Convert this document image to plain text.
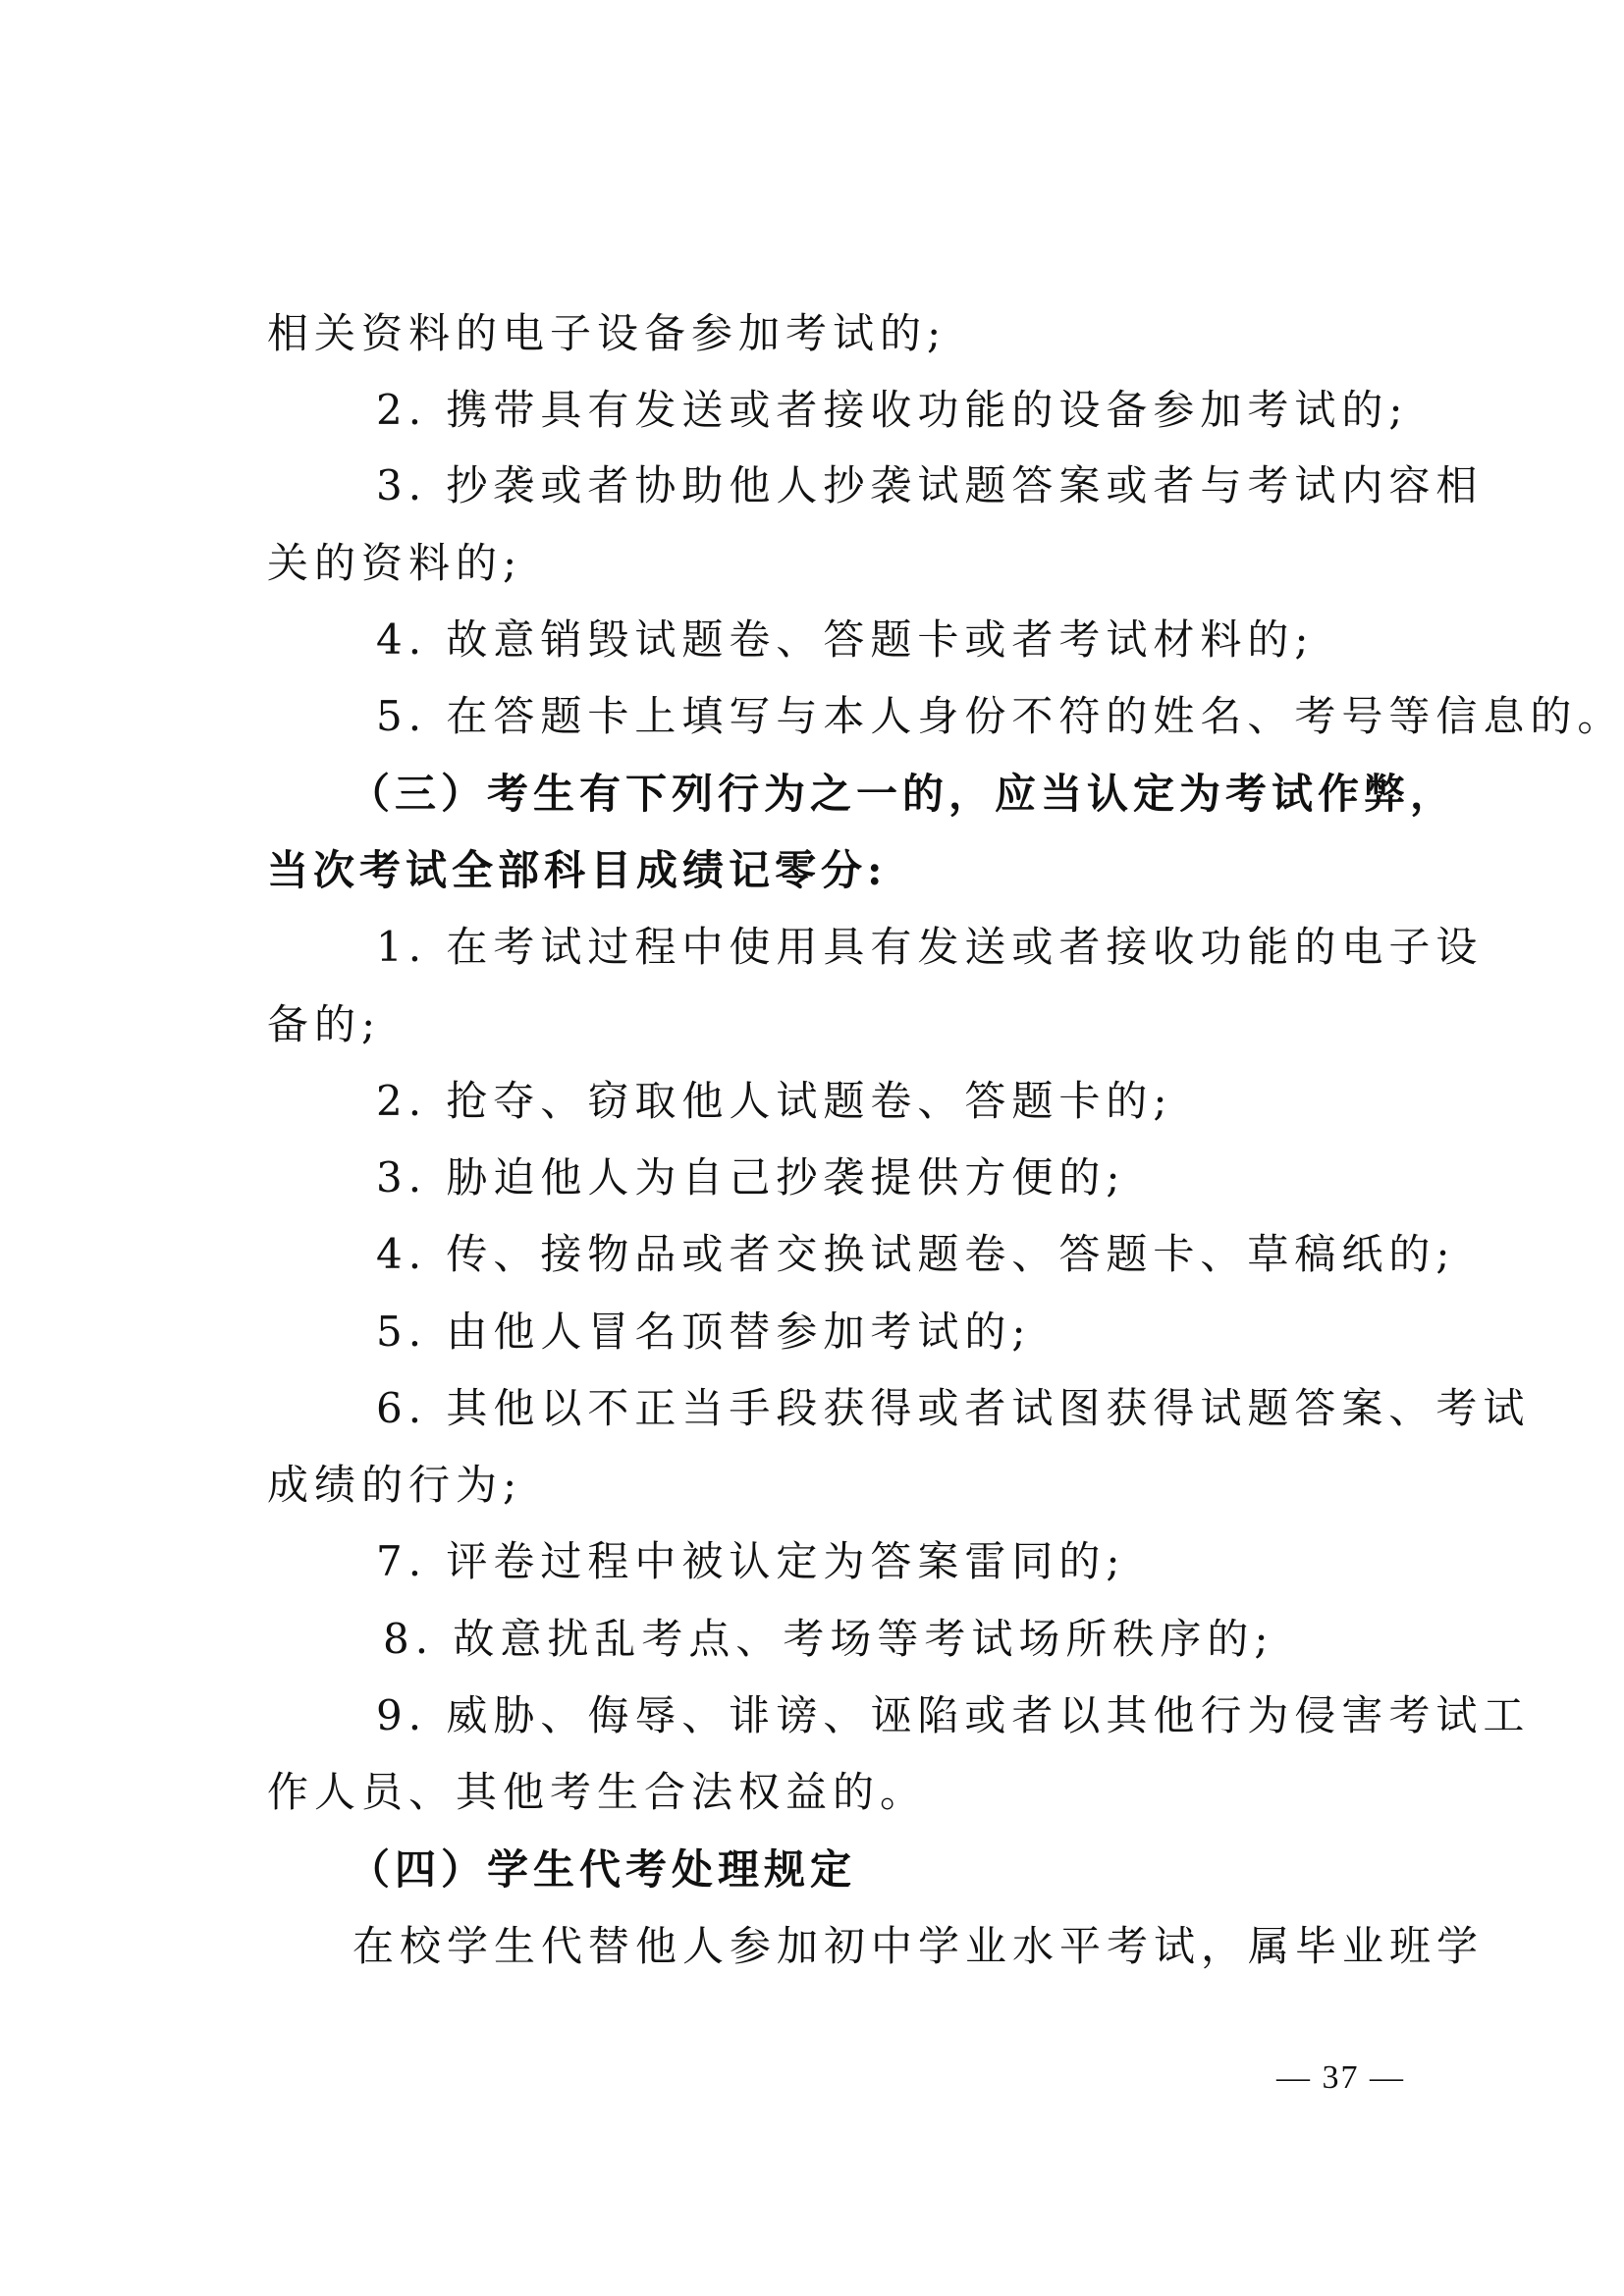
相关资料的电子设备参加考试的;
2. 携带具有发送或者接收功能的设备参加考试的;
3. 抄袭或者协助他人抄袭试题答案或者与考试内容相
关的资料的;
4. 故意销毁试题卷、答题卡或者考试材料的;
5. 在答题卡上填写与本人身份不符的姓名、考号等信息的。
（三）考生有下列行为之一的，应当认定为考试作弊，
当次考试全部科目成绩记零分:
1. 在考试过程中使用具有发送或者接收功能的电子设
备的;
2. 抢夺、窃取他人试题卷、答题卡的;
3. 胁迫他人为自己抄袭提供方便的;
4. 传、接物品或者交换试题卷、答题卡、草稿纸的;
5. 由他人冒名顶替参加考试的;
6. 其他以不正当手段获得或者试图获得试题答案、考试
成绩的行为;
7. 评卷过程中被认定为答案雷同的;
8. 故意扰乱考点、考场等考试场所秩序的;
9. 威胁、侮辱、诽谤、诬陷或者以其他行为侵害考试工
作人员、其他考生合法权益的。
（四）学生代考处理规定
在校学生代替他人参加初中学业水平考试，属毕业班学
— 37 —
